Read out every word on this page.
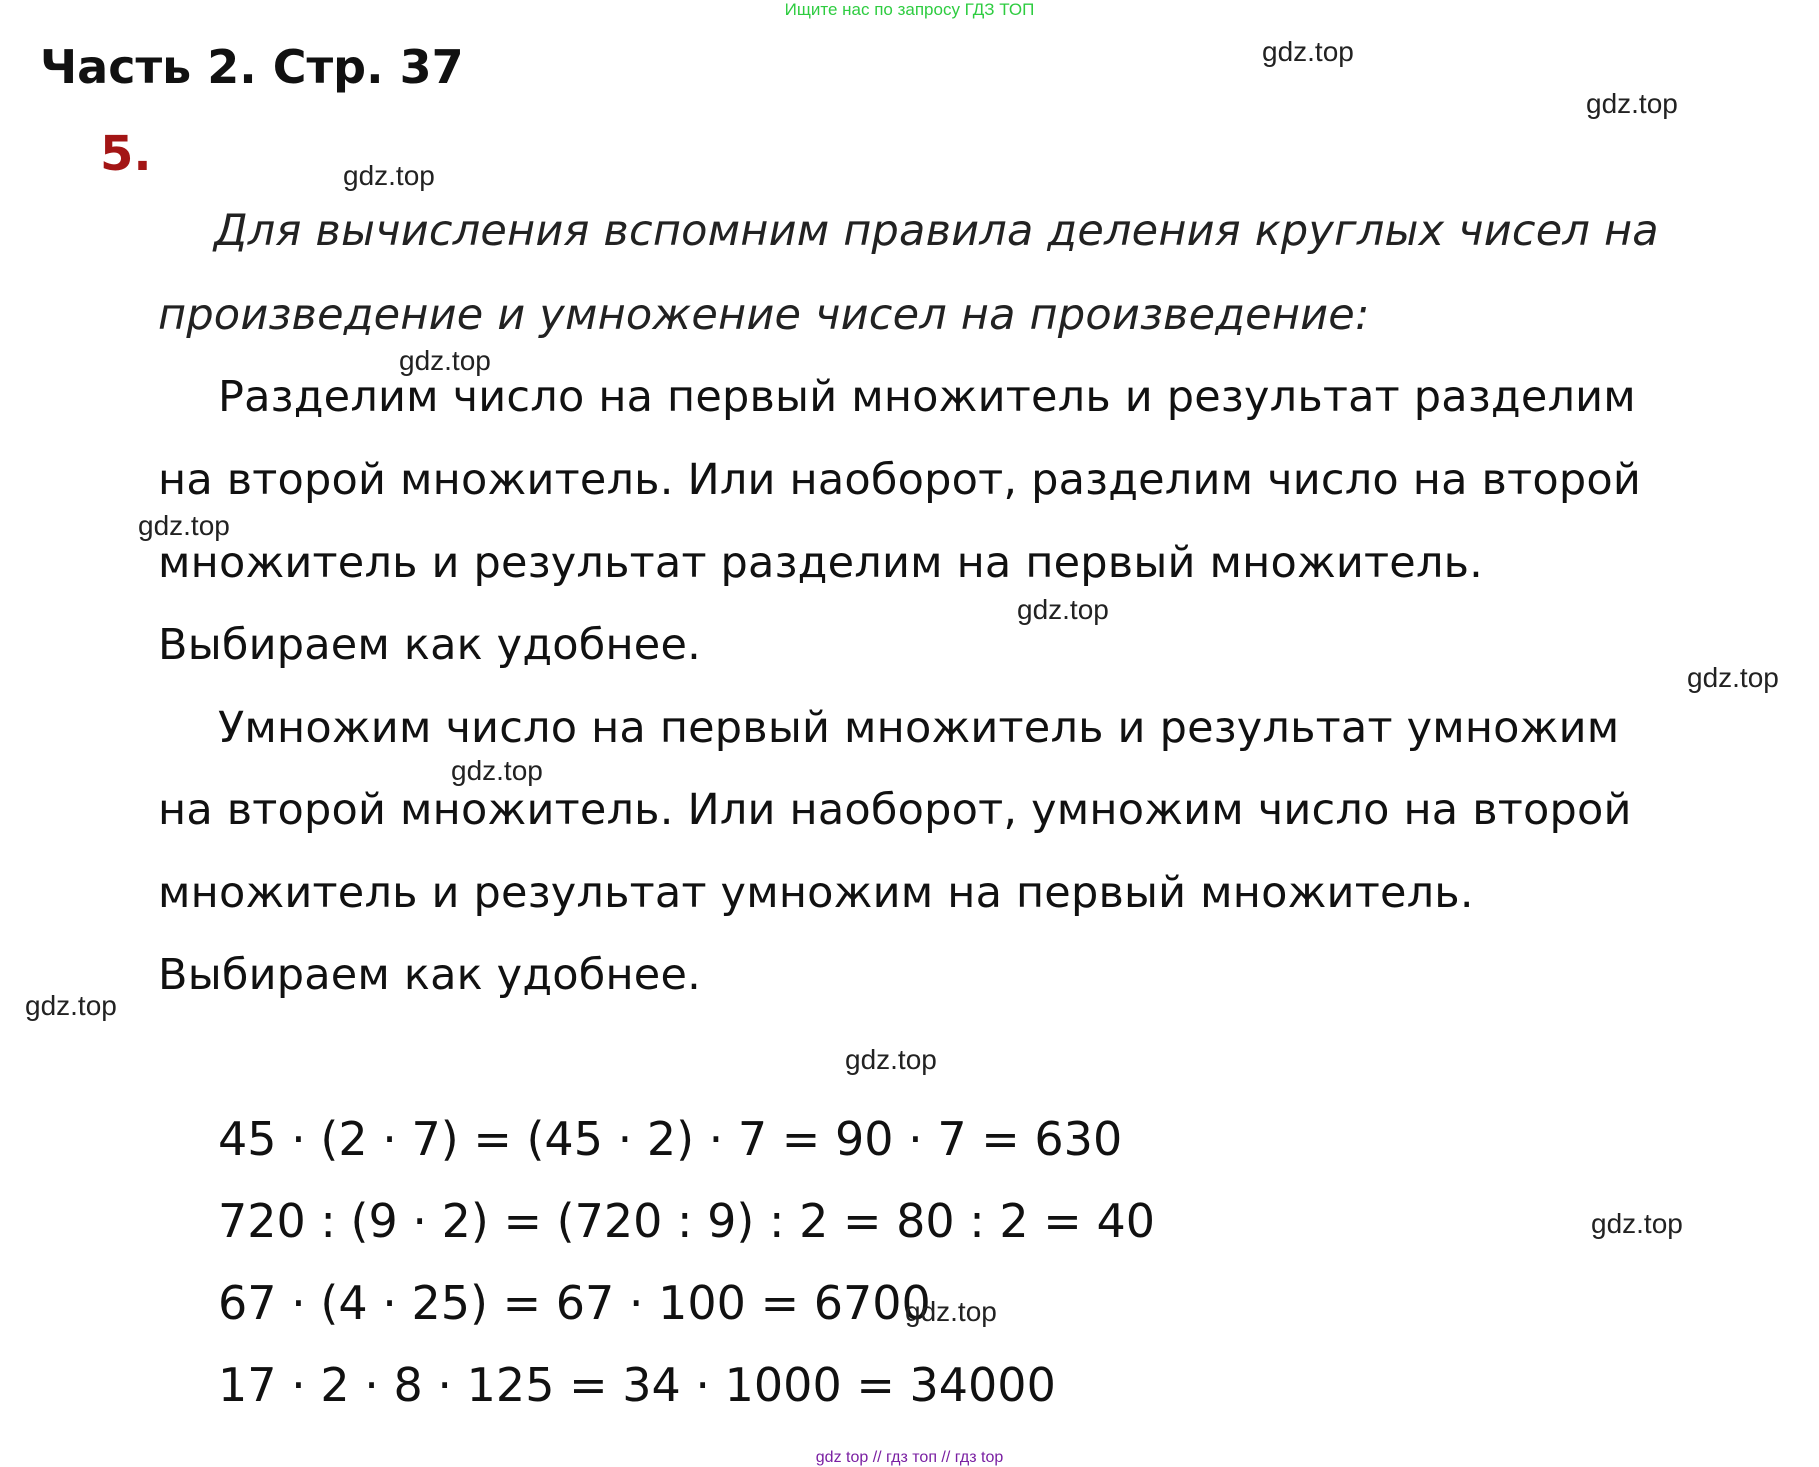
Ищите нас по запросу ГДЗ ТОП
Часть 2. Стр. 37
5.
Для вычисления вспомним правила деления круглых чисел на
произведение и умножение чисел на произведение:
Разделим число на первый множитель и результат разделим
на второй множитель. Или наоборот, разделим число на второй
множитель и результат разделим на первый множитель.
Выбираем как удобнее.
Умножим число на первый множитель и результат умножим
на второй множитель. Или наоборот, умножим число на второй
множитель и результат умножим на первый множитель.
Выбираем как удобнее.
45 · (2 · 7) = (45 · 2) · 7 = 90 · 7 = 630
720 : (9 · 2) = (720 : 9) : 2 = 80 : 2 = 40
67 · (4 · 25) = 67 · 100 = 6700
17 · 2 · 8 · 125 = 34 · 1000 = 34000
gdz.top
gdz.top
gdz.top
gdz.top
gdz.top
gdz.top
gdz.top
gdz.top
gdz.top
gdz.top
gdz.top
gdz.top
gdz top // гдз топ // гдз top
